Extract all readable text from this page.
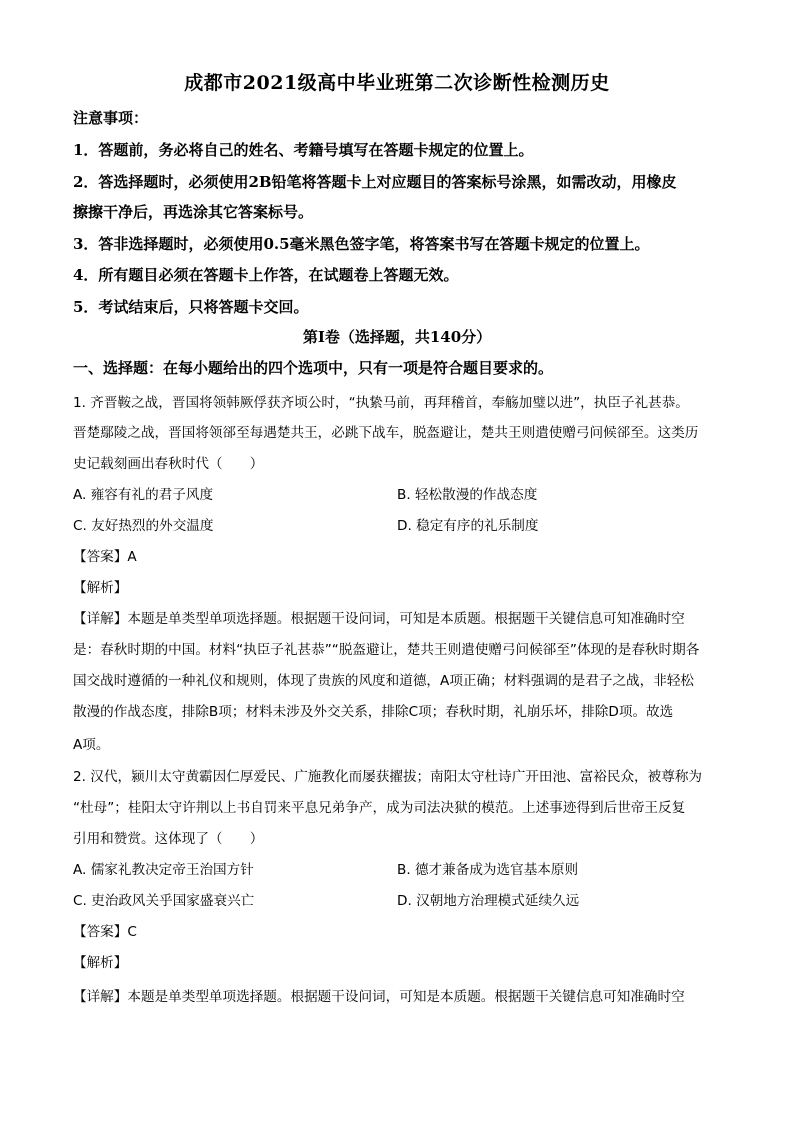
成都市2021级高中毕业班第二次诊断性检测历史
注意事项：
1．答题前，务必将自己的姓名、考籍号填写在答题卡规定的位置上。
2．答选择题时，必须使用2B铅笔将答题卡上对应题目的答案标号涂黑，如需改动，用橡皮
擦擦干净后，再选涂其它答案标号。
3．答非选择题时，必须使用0.5毫米黑色签字笔，将答案书写在答题卡规定的位置上。
4．所有题目必须在答题卡上作答，在试题卷上答题无效。
5．考试结束后，只将答题卡交回。
第Ⅰ卷（选择题，共140分）
一、选择题：在每小题给出的四个选项中，只有一项是符合题目要求的。
1. 齐晋鞍之战，晋国将领韩厥俘获齐顷公时，“执絷马前，再拜稽首，奉觞加璧以进”，执臣子礼甚恭。
晋楚鄢陵之战，晋国将领郤至每遇楚共王，必跳下战车，脱盔避让，楚共王则遣使赠弓问候郤至。这类历
史记载刻画出春秋时代（　　）
A. 雍容有礼的君子风度	B. 轻松散漫的作战态度
C. 友好热烈的外交温度	D. 稳定有序的礼乐制度
【答案】A
【解析】
【详解】本题是单类型单项选择题。根据题干设问词，可知是本质题。根据题干关键信息可知准确时空
是：春秋时期的中国。材料“执臣子礼甚恭”“脱盔避让，楚共王则遣使赠弓问候郤至”体现的是春秋时期各
国交战时遵循的一种礼仪和规则，体现了贵族的风度和道德，A项正确；材料强调的是君子之战，非轻松
散漫的作战态度，排除B项；材料未涉及外交关系，排除C项；春秋时期，礼崩乐坏，排除D项。故选
A项。
2. 汉代，颍川太守黄霸因仁厚爱民、广施教化而屡获擢拔；南阳太守杜诗广开田池、富裕民众，被尊称为
“杜母”；桂阳太守许荆以上书自罚来平息兄弟争产，成为司法决狱的模范。上述事迹得到后世帝王反复
引用和赞赏。这体现了（　　）
A. 儒家礼教决定帝王治国方针	B. 德才兼备成为选官基本原则
C. 吏治政风关乎国家盛衰兴亡	D. 汉朝地方治理模式延续久远
【答案】C
【解析】
【详解】本题是单类型单项选择题。根据题干设问词，可知是本质题。根据题干关键信息可知准确时空
